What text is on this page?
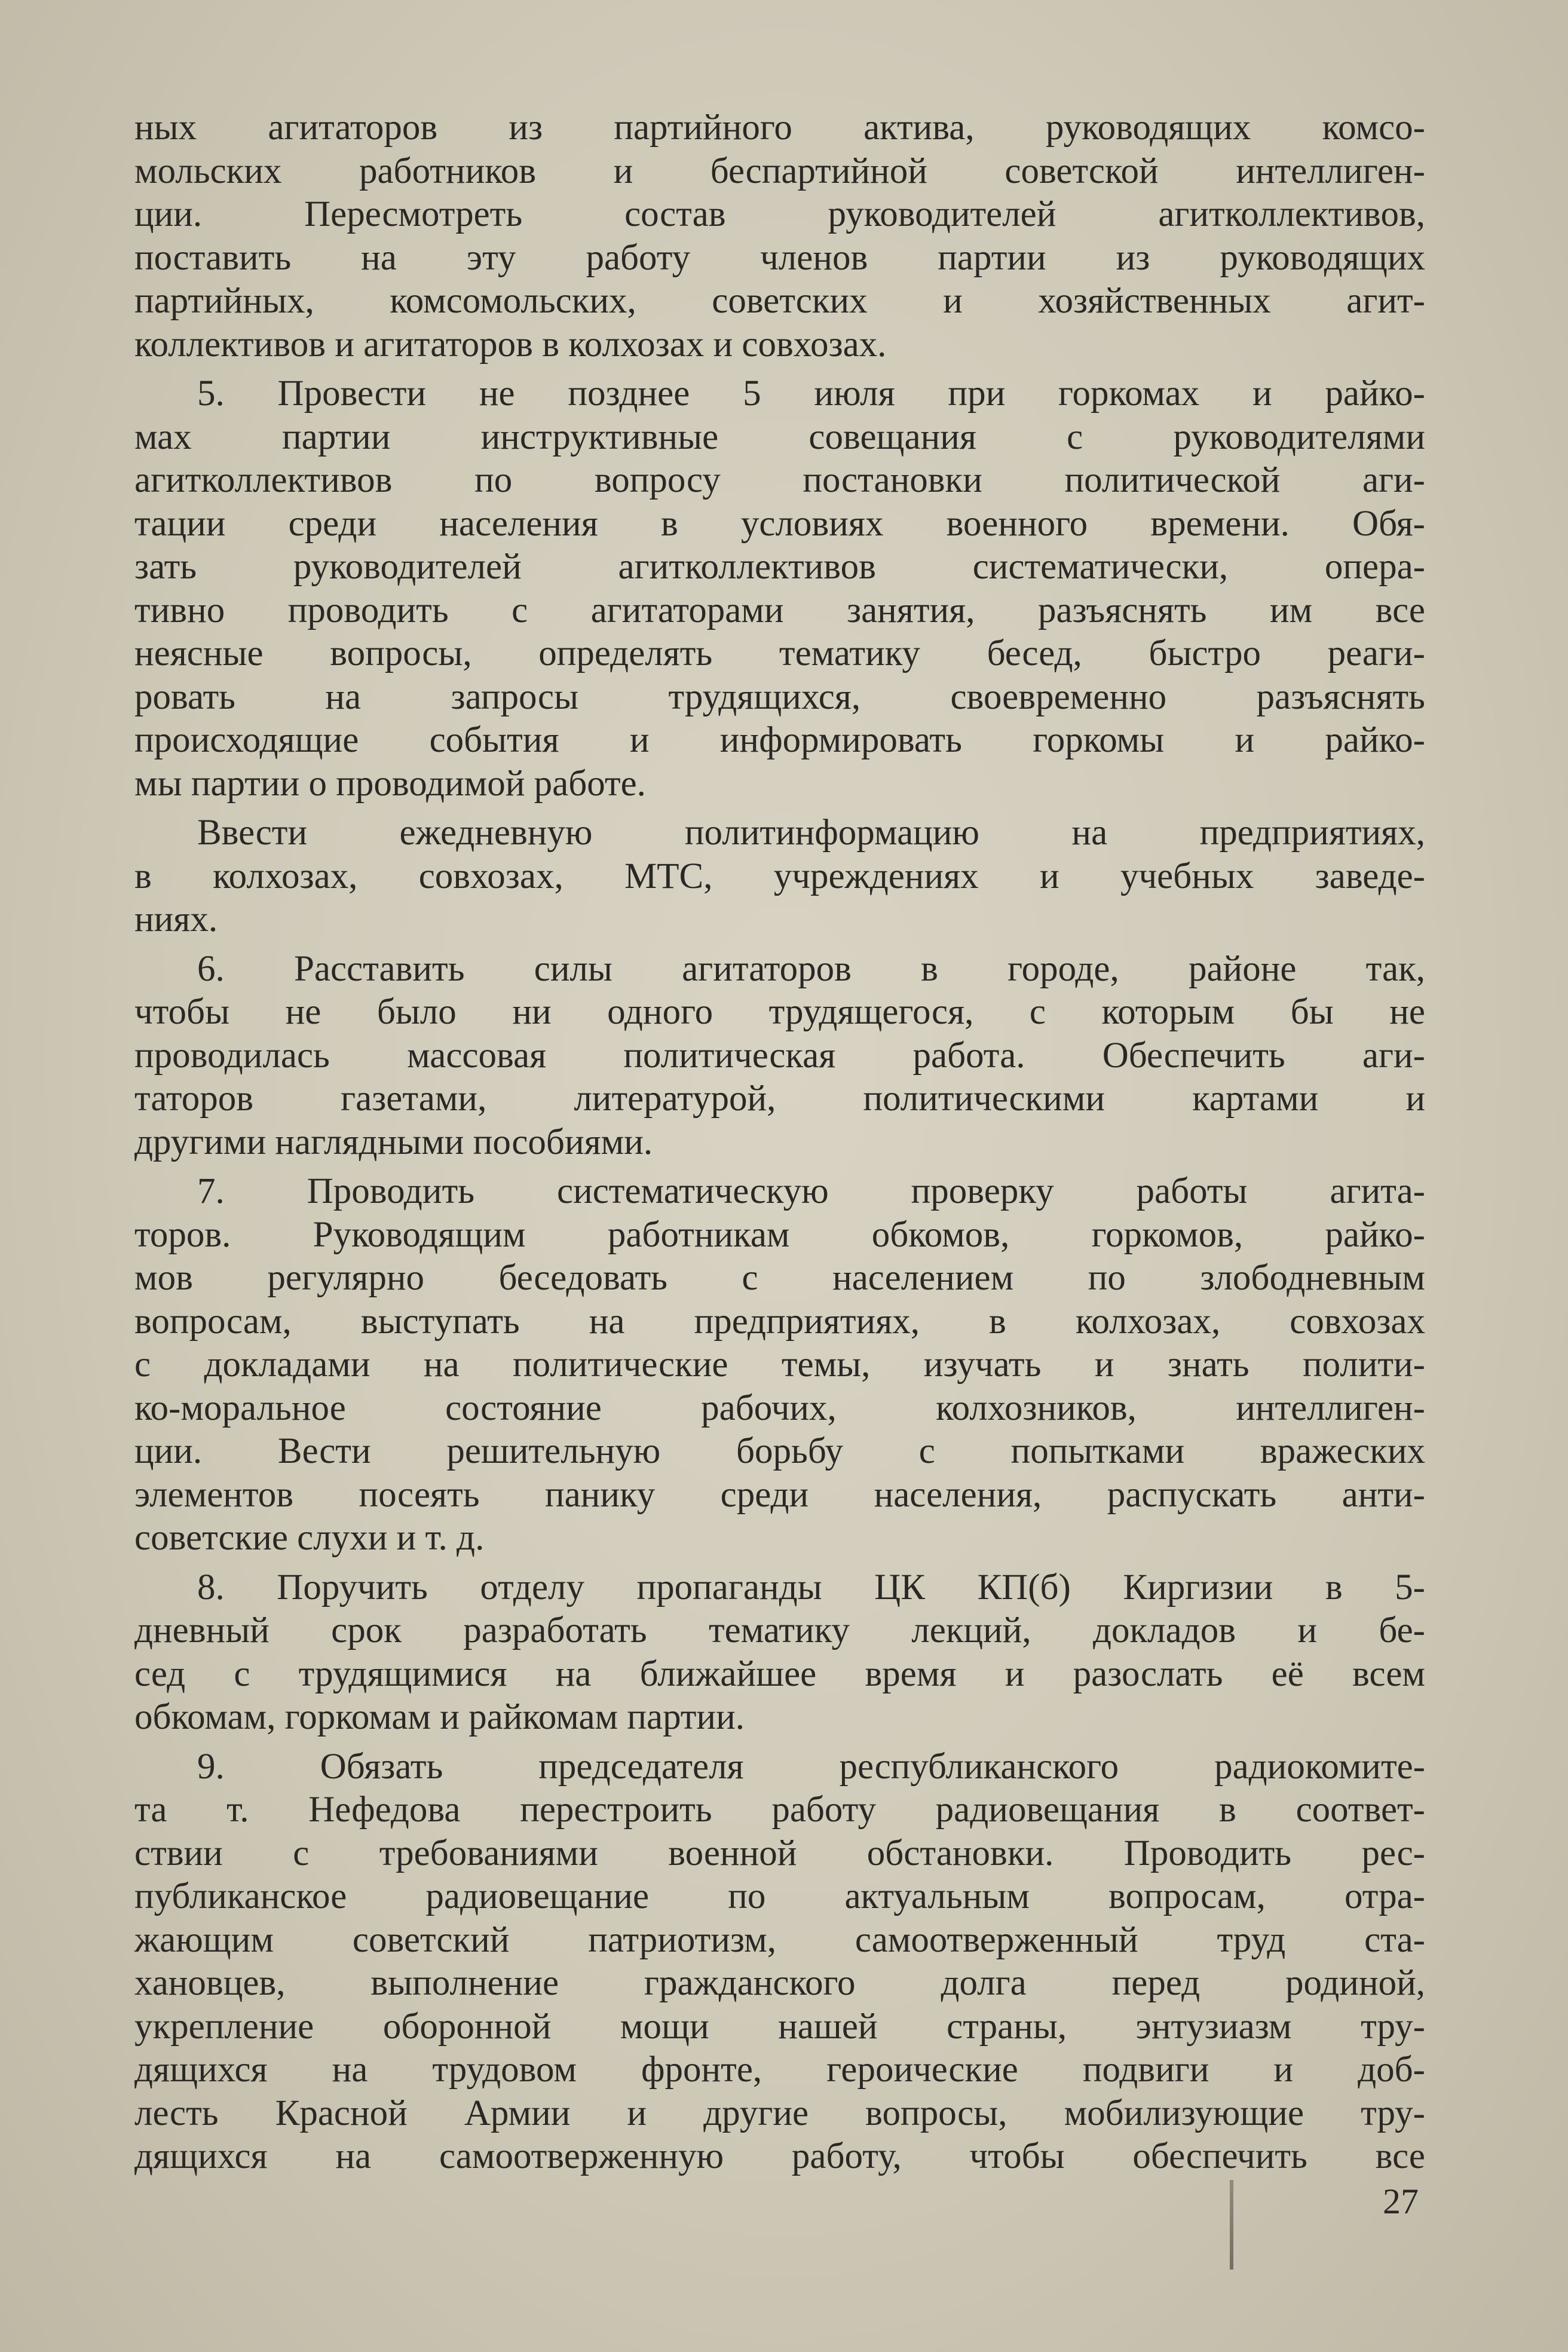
ных агитаторов из партийного актива, руководящих комсо-
мольских работников и беспартийной советской интеллиген-
ции. Пересмотреть состав руководителей агитколлективов,
поставить на эту работу членов партии из руководящих
партийных, комсомольских, советских и хозяйственных агит-
коллективов и агитаторов в колхозах и совхозах.
5. Провести не позднее 5 июля при горкомах и райко-
мах партии инструктивные совещания с руководителями
агитколлективов по вопросу постановки политической аги-
тации среди населения в условиях военного времени. Обя-
зать руководителей агитколлективов систематически, опера-
тивно проводить с агитаторами занятия, разъяснять им все
неясные вопросы, определять тематику бесед, быстро реаги-
ровать на запросы трудящихся, своевременно разъяснять
происходящие события и информировать горкомы и райко-
мы партии о проводимой работе.
Ввести ежедневную политинформацию на предприятиях,
в колхозах, совхозах, МТС, учреждениях и учебных заведе-
ниях.
6. Расставить силы агитаторов в городе, районе так,
чтобы не было ни одного трудящегося, с которым бы не
проводилась массовая политическая работа. Обеспечить аги-
таторов газетами, литературой, политическими картами и
другими наглядными пособиями.
7. Проводить систематическую проверку работы агита-
торов. Руководящим работникам обкомов, горкомов, райко-
мов регулярно беседовать с населением по злободневным
вопросам, выступать на предприятиях, в колхозах, совхозах
с докладами на политические темы, изучать и знать полити-
ко-моральное состояние рабочих, колхозников, интеллиген-
ции. Вести решительную борьбу с попытками вражеских
элементов посеять панику среди населения, распускать анти-
советские слухи и т. д.
8. Поручить отделу пропаганды ЦК КП(б) Киргизии в 5-
дневный срок разработать тематику лекций, докладов и бе-
сед с трудящимися на ближайшее время и разослать её всем
обкомам, горкомам и райкомам партии.
9. Обязать председателя республиканского радиокомите-
та т. Нефедова перестроить работу радиовещания в соответ-
ствии с требованиями военной обстановки. Проводить рес-
публиканское радиовещание по актуальным вопросам, отра-
жающим советский патриотизм, самоотверженный труд ста-
хановцев, выполнение гражданского долга перед родиной,
укрепление оборонной мощи нашей страны, энтузиазм тру-
дящихся на трудовом фронте, героические подвиги и доб-
лесть Красной Армии и другие вопросы, мобилизующие тру-
дящихся на самоотверженную работу, чтобы обеспечить все
27
